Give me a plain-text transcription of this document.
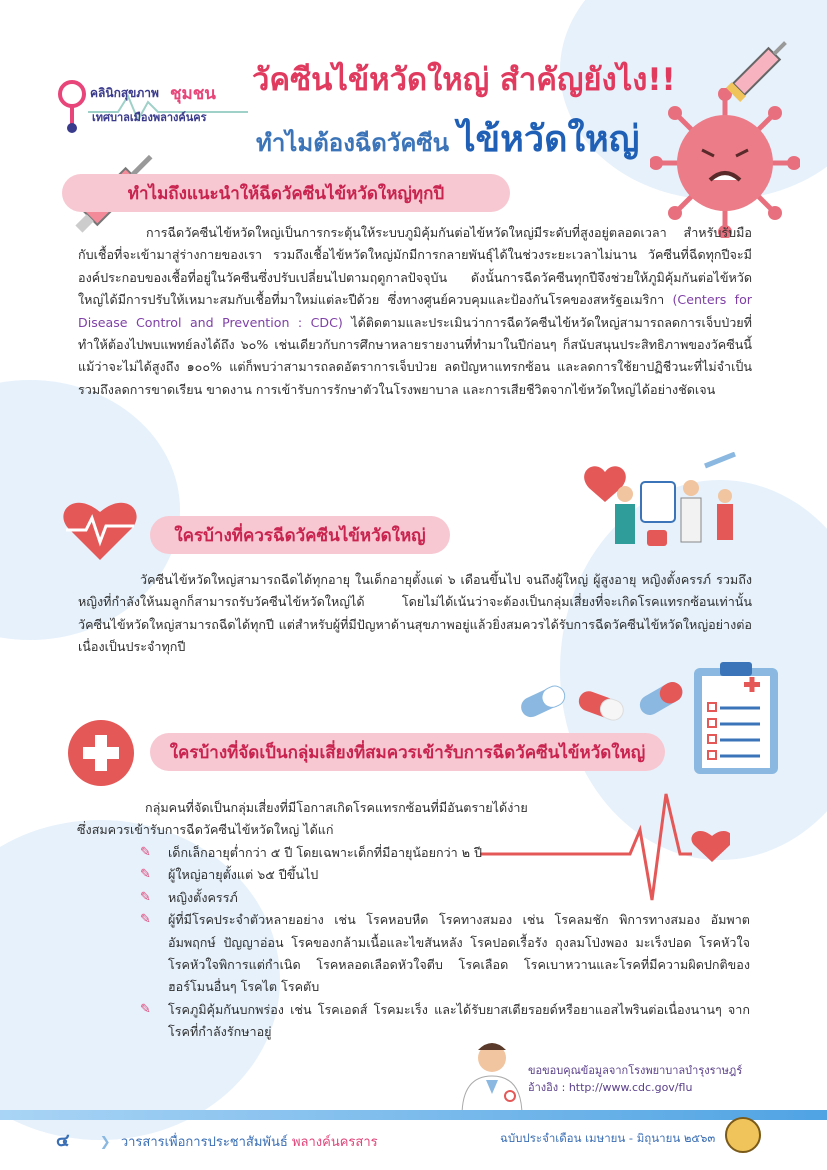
คลินิกสุขภาพ ชุมชน
เทศบาลเมืองพลางค์นคร
วัคซีนไข้หวัดใหญ่ สำคัญยังไง!!
ทำไมต้องฉีดวัคซีน ไข้หวัดใหญ่
ทำไมถึงแนะนำให้ฉีดวัคซีนไข้หวัดใหญ่ทุกปี
การฉีดวัคซีนไข้หวัดใหญ่เป็นการกระตุ้นให้ระบบภูมิคุ้มกันต่อไข้หวัดใหญ่มีระดับที่สูงอยู่ตลอดเวลา สำหรับรับมือกับเชื้อที่จะเข้ามาสู่ร่างกายของเรา รวมถึงเชื้อไข้หวัดใหญ่มักมีการกลายพันธุ์ได้ในช่วงระยะเวลาไม่นาน วัคซีนที่ฉีดทุกปีจะมีองค์ประกอบของเชื้อที่อยู่ในวัคซีนซึ่งปรับเปลี่ยนไปตามฤดูกาลปัจจุบัน ดังนั้นการฉีดวัคซีนทุกปีจึงช่วยให้ภูมิคุ้มกันต่อไข้หวัดใหญ่ได้มีการปรับให้เหมาะสมกับเชื้อที่มาใหม่แต่ละปีด้วย ซึ่งทางศูนย์ควบคุมและป้องกันโรคของสหรัฐอเมริกา (Centers for Disease Control and Prevention : CDC) ได้ติดตามและประเมินว่าการฉีดวัคซีนไข้หวัดใหญ่สามารถลดการเจ็บป่วยที่ทำให้ต้องไปพบแพทย์ลงได้ถึง ๖๐% เช่นเดียวกับการศึกษาหลายรายงานที่ทำมาในปีก่อนๆ ก็สนับสนุนประสิทธิภาพของวัคซีนนี้ แม้ว่าจะไม่ได้สูงถึง ๑๐๐% แต่ก็พบว่าสามารถลดอัตราการเจ็บป่วย ลดปัญหาแทรกซ้อน และลดการใช้ยาปฏิชีวนะที่ไม่จำเป็น รวมถึงลดการขาดเรียน ขาดงาน การเข้ารับการรักษาตัวในโรงพยาบาล และการเสียชีวิตจากไข้หวัดใหญ่ได้อย่างชัดเจน
ใครบ้างที่ควรฉีดวัคซีนไข้หวัดใหญ่
วัคซีนไข้หวัดใหญ่สามารถฉีดได้ทุกอายุ ในเด็กอายุตั้งแต่ ๖ เดือนขึ้นไป จนถึงผู้ใหญ่ ผู้สูงอายุ หญิงตั้งครรภ์ รวมถึงหญิงที่กำลังให้นมลูกก็สามารถรับวัคซีนไข้หวัดใหญ่ได้ โดยไม่ได้เน้นว่าจะต้องเป็นกลุ่มเสี่ยงที่จะเกิดโรคแทรกซ้อนเท่านั้น วัคซีนไข้หวัดใหญ่สามารถฉีดได้ทุกปี แต่สำหรับผู้ที่มีปัญหาด้านสุขภาพอยู่แล้วยิ่งสมควรได้รับการฉีดวัคซีนไข้หวัดใหญ่อย่างต่อเนื่องเป็นประจำทุกปี
ใครบ้างที่จัดเป็นกลุ่มเสี่ยงที่สมควรเข้ารับการฉีดวัคซีนไข้หวัดใหญ่
กลุ่มคนที่จัดเป็นกลุ่มเสี่ยงที่มีโอกาสเกิดโรคแทรกซ้อนที่มีอันตรายได้ง่าย
ซึ่งสมควรเข้ารับการฉีดวัคซีนไข้หวัดใหญ่ ได้แก่
✎ เด็กเล็กอายุต่ำกว่า ๕ ปี โดยเฉพาะเด็กที่มีอายุน้อยกว่า ๒ ปี
✎ ผู้ใหญ่อายุตั้งแต่ ๖๕ ปีขึ้นไป
✎ หญิงตั้งครรภ์
✎ ผู้ที่มีโรคประจำตัวหลายอย่าง เช่น โรคหอบหืด โรคทางสมอง เช่น โรคลมชัก พิการทางสมอง อัมพาต อัมพฤกษ์ ปัญญาอ่อน โรคของกล้ามเนื้อและไขสันหลัง โรคปอดเรื้อรัง ถุงลมโป่งพอง มะเร็งปอด โรคหัวใจ โรคหัวใจพิการแต่กำเนิด โรคหลอดเลือดหัวใจตีบ โรคเลือด โรคเบาหวานและโรคที่มีความผิดปกติของฮอร์โมนอื่นๆ โรคไต โรคตับ
✎ โรคภูมิคุ้มกันบกพร่อง เช่น โรคเอดส์ โรคมะเร็ง และได้รับยาสเตียรอยด์หรือยาแอสไพรินต่อเนื่องนานๆ จากโรคที่กำลังรักษาอยู่
ขอขอบคุณข้อมูลจากโรงพยาบาลบำรุงราษฎร์
อ้างอิง : http://www.cdc.gov/flu
๔ ❯ วารสารเพื่อการประชาสัมพันธ์ พลางค์นครสาร	ฉบับประจำเดือน เมษายน - มิถุนายน ๒๕๖๓
